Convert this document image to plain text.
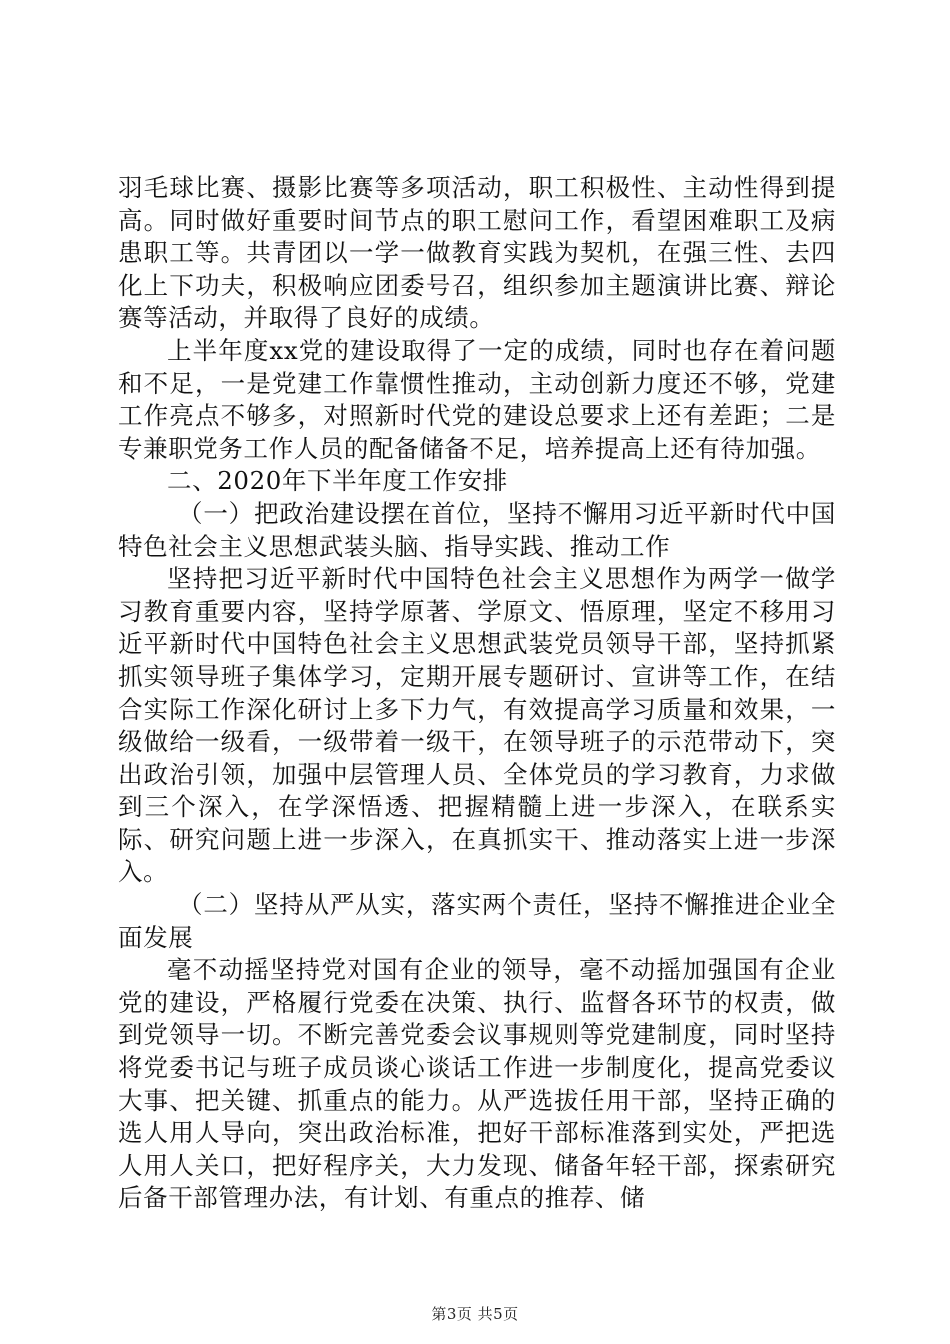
羽毛球比赛、摄影比赛等多项活动，职工积极性、主动性得到提高。同时做好重要时间节点的职工慰问工作，看望困难职工及病患职工等。共青团以一学一做教育实践为契机，在强三性、去四化上下功夫，积极响应团委号召，组织参加主题演讲比赛、辩论赛等活动，并取得了良好的成绩。

上半年度xx党的建设取得了一定的成绩，同时也存在着问题和不足，一是党建工作靠惯性推动，主动创新力度还不够，党建工作亮点不够多，对照新时代党的建设总要求上还有差距；二是专兼职党务工作人员的配备储备不足，培养提高上还有待加强。

二、2020年下半年度工作安排

（一）把政治建设摆在首位，坚持不懈用习近平新时代中国特色社会主义思想武装头脑、指导实践、推动工作

坚持把习近平新时代中国特色社会主义思想作为两学一做学习教育重要内容，坚持学原著、学原文、悟原理，坚定不移用习近平新时代中国特色社会主义思想武装党员领导干部，坚持抓紧抓实领导班子集体学习，定期开展专题研讨、宣讲等工作，在结合实际工作深化研讨上多下力气，有效提高学习质量和效果，一级做给一级看，一级带着一级干，在领导班子的示范带动下，突出政治引领，加强中层管理人员、全体党员的学习教育，力求做到三个深入，在学深悟透、把握精髓上进一步深入，在联系实际、研究问题上进一步深入，在真抓实干、推动落实上进一步深入。

（二）坚持从严从实，落实两个责任，坚持不懈推进企业全面发展

毫不动摇坚持党对国有企业的领导，毫不动摇加强国有企业党的建设，严格履行党委在决策、执行、监督各环节的权责，做到党领导一切。不断完善党委会议事规则等党建制度，同时坚持将党委书记与班子成员谈心谈话工作进一步制度化，提高党委议大事、把关键、抓重点的能力。从严选拔任用干部，坚持正确的选人用人导向，突出政治标准，把好干部标准落到实处，严把选人用人关口，把好程序关，大力发现、储备年轻干部，探索研究后备干部管理办法，有计划、有重点的推荐、储

第3页 共5页
